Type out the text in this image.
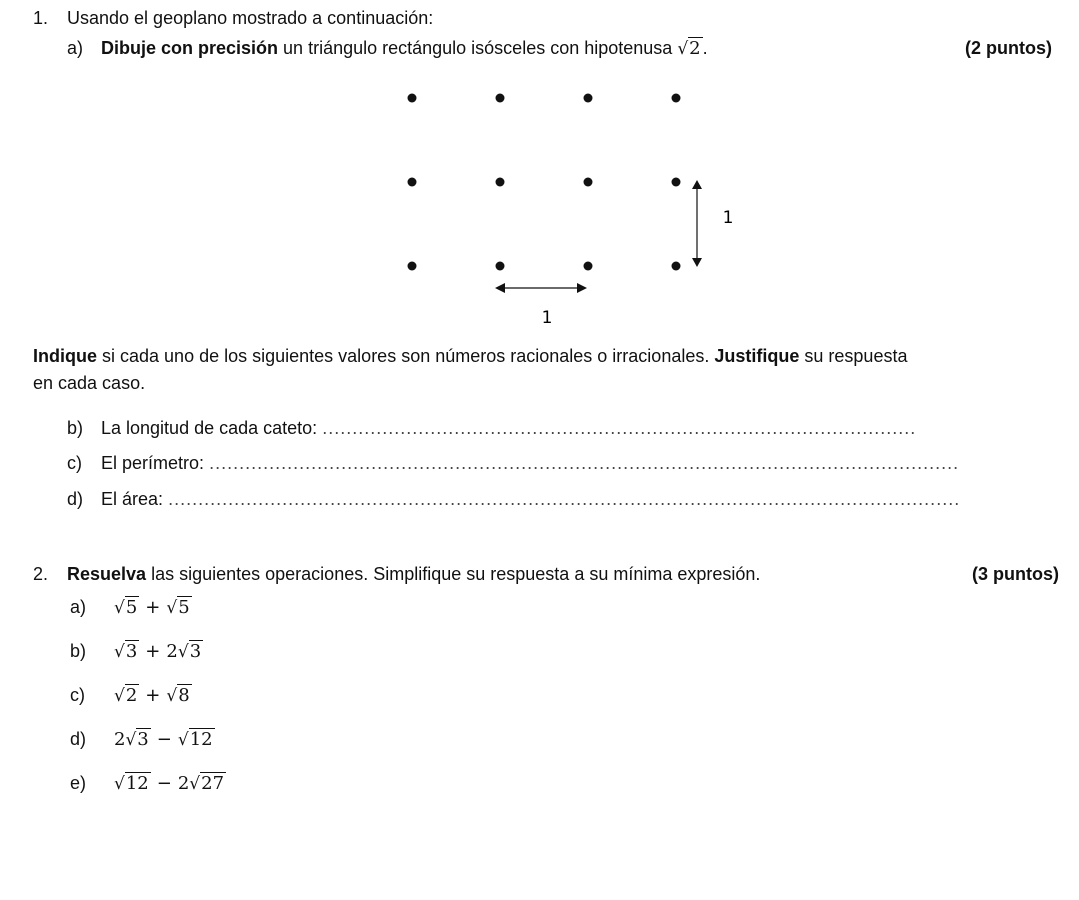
1. Usando el geoplano mostrado a continuación:
a) Dibuje con precisión un triángulo rectángulo isósceles con hipotenusa √2 .	(2 puntos)
1
1
Indique si cada uno de los siguientes valores son números racionales o irracionales. Justifique su respuesta
en cada caso.
b) La longitud de cada cateto: ...................................................................................................
c) El perímetro: .............................................................................................................................
d) El área: ....................................................................................................................................
2. Resuelva las siguientes operaciones. Simplifique su respuesta a su mínima expresión.	(3 puntos)
a) √5 + √5
b) √3 + 2√3
c) √2 + √8
d) 2√3 − √12
e) √12 − 2√27
